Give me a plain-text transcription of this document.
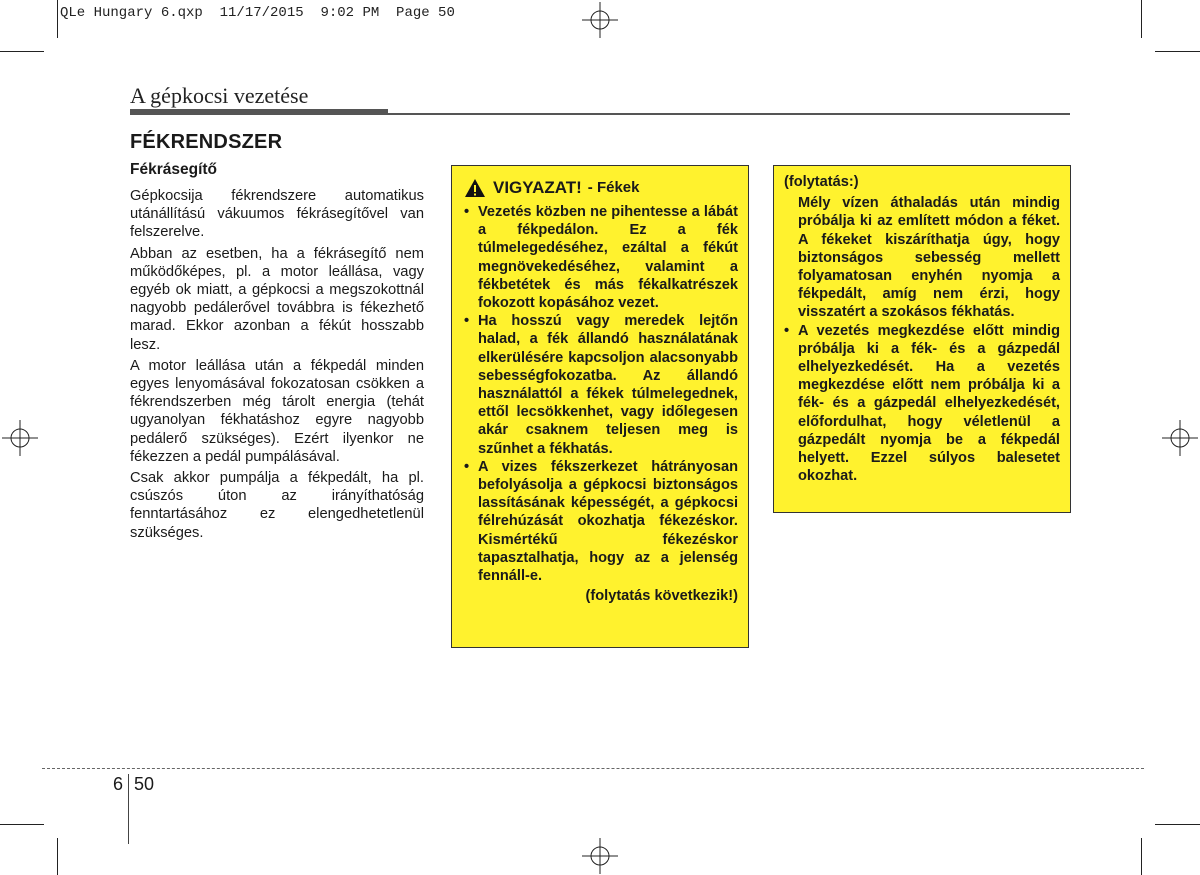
QLe Hungary 6.qxp  11/17/2015  9:02 PM  Page 50
A gépkocsi vezetése
FÉKRENDSZER
Fékrásegítő

Gépkocsija fékrendszere automatikus utánállítású vákuumos fékrásegítővel van felszerelve.

Abban az esetben, ha a fékrásegítő nem működőképes, pl. a motor leállása, vagy egyéb ok miatt, a gépkocsi a megszokottnál nagyobb pedálerővel továbbra is fékezhető marad. Ekkor azonban a fékút hosszabb lesz.

A motor leállása után a fékpedál minden egyes lenyomásával fokozatosan csökken a fékrendszerben még tárolt energia (tehát ugyanolyan fékhatáshoz egyre nagyobb pedálerő szükséges). Ezért ilyenkor ne fékezzen a pedál pumpálásával.

Csak akkor pumpálja a fékpedált, ha pl. csúszós úton az irányíthatóság fenntartásához ez elengedhetetlenül szükséges.

VIGYAZAT! - Fékek
• Vezetés közben ne pihentesse a lábát a fékpedálon. Ez a fék túlmelegedéséhez, ezáltal a fékút megnövekedéséhez, valamint a fékbetétek és más fékalkatrészek fokozott kopásához vezet.
• Ha hosszú vagy meredek lejtőn halad, a fék állandó használatának elkerülésére kapcsoljon alacsonyabb sebességfokozatba. Az állandó használattól a fékek túlmelegednek, ettől lecsökkenhet, vagy időlegesen akár csaknem teljesen meg is szűnhet a fékhatás.
• A vizes fékszerkezet hátrányosan befolyásolja a gépkocsi biztonságos lassításának képességét, a gépkocsi félrehúzását okozhatja fékezéskor. Kismértékű fékezéskor tapasztalhatja, hogy az a jelenség fennáll-e.
(folytatás következik!)
(folytatás:)
Mély vízen áthaladás után mindig próbálja ki az említett módon a féket. A fékeket kiszáríthatja úgy, hogy biztonságos sebesség mellett folyamatosan enyhén nyomja a fékpedált, amíg nem érzi, hogy visszatért a szokásos fékhatás.
• A vezetés megkezdése előtt mindig próbálja ki a fék- és a gázpedál elhelyezkedését. Ha a vezetés megkezdése előtt nem próbálja ki a fék- és a gázpedál elhelyezkedését, előfordulhat, hogy véletlenül a gázpedált nyomja be a fékpedál helyett. Ezzel súlyos balesetet okozhat.
6 50
